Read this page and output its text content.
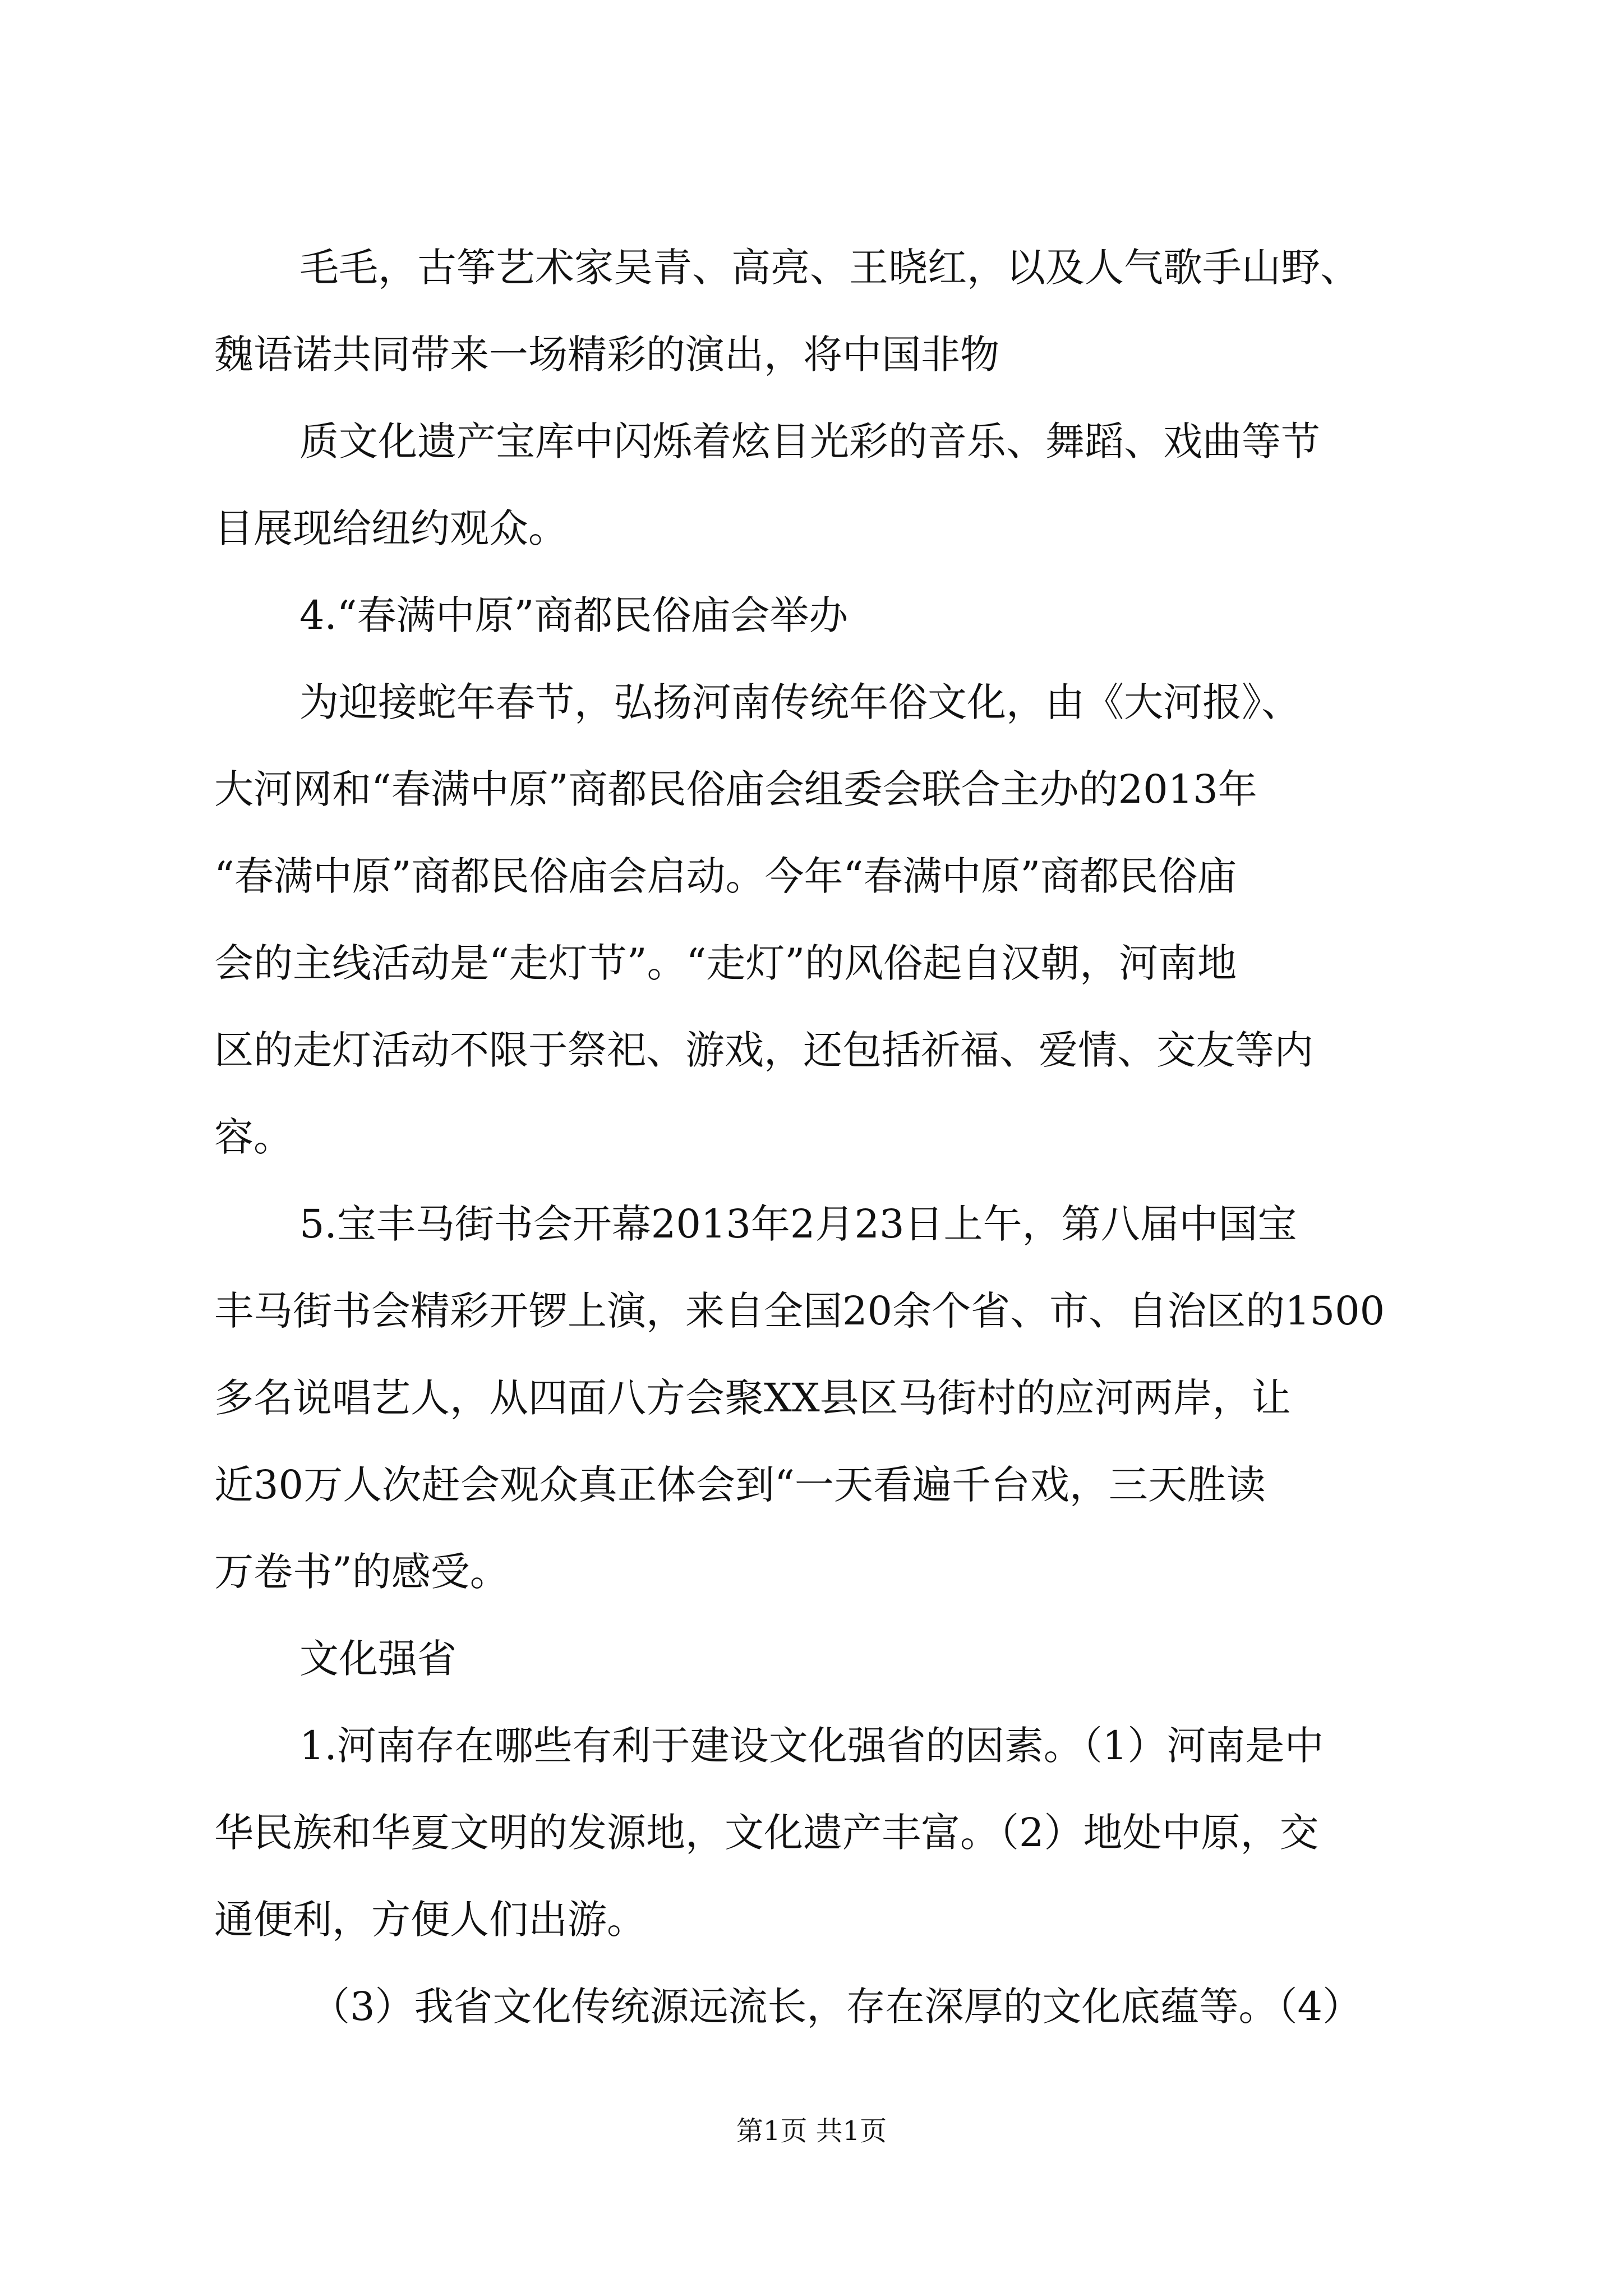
毛毛，古筝艺术家吴青、高亮、王晓红，以及人气歌手山野、
魏语诺共同带来一场精彩的演出，将中国非物
质文化遗产宝库中闪烁着炫目光彩的音乐、舞蹈、戏曲等节
目展现给纽约观众。
4.“春满中原”商都民俗庙会举办
为迎接蛇年春节，弘扬河南传统年俗文化，由《大河报》、
大河网和“春满中原”商都民俗庙会组委会联合主办的2013年
“春满中原”商都民俗庙会启动。今年“春满中原”商都民俗庙
会的主线活动是“走灯节”。“走灯”的风俗起自汉朝，河南地
区的走灯活动不限于祭祀、游戏，还包括祈福、爱情、交友等内
容。
5.宝丰马街书会开幕2013年2月23日上午，第八届中国宝
丰马街书会精彩开锣上演，来自全国20余个省、市、自治区的1500
多名说唱艺人，从四面八方会聚XX县区马街村的应河两岸，让
近30万人次赶会观众真正体会到“一天看遍千台戏，三天胜读
万卷书”的感受。
文化强省
1.河南存在哪些有利于建设文化强省的因素。（1）河南是中
华民族和华夏文明的发源地，文化遗产丰富。（2）地处中原，交
通便利，方便人们出游。
（3）我省文化传统源远流长，存在深厚的文化底蕴等。（4）
第1页 共1页
